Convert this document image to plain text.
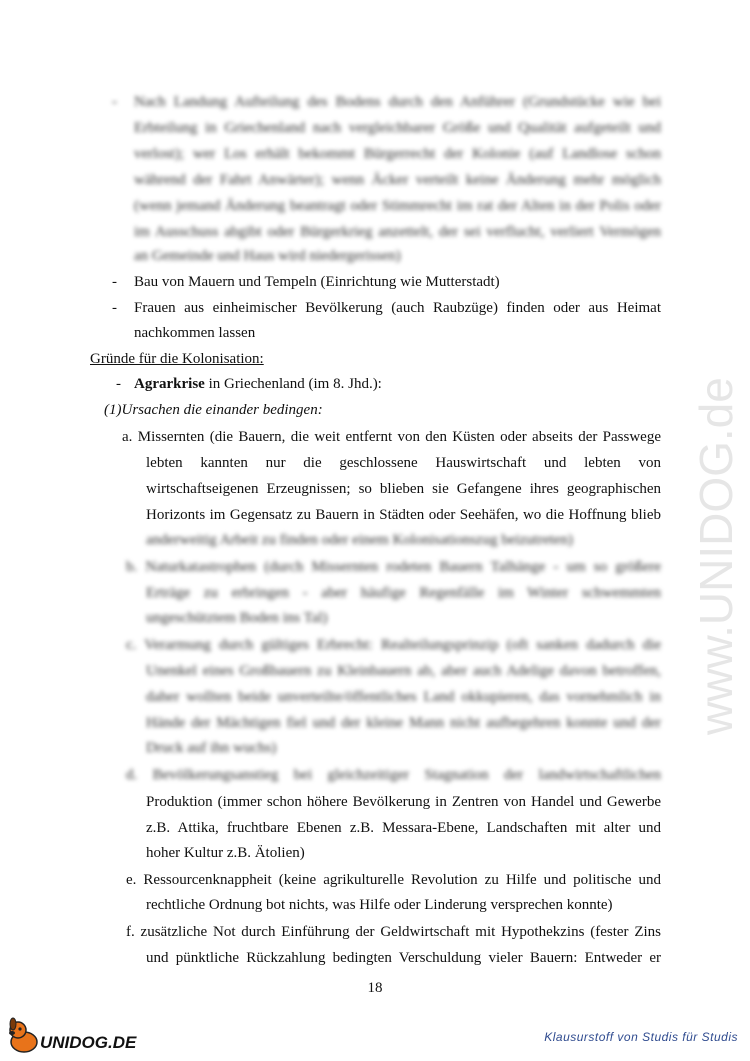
- Nach Landung Aufteilung des Bodens durch den Anführer (Grundstücke wie bei
Erbteilung in Griechenland nach vergleichbarer Größe und Qualität aufgeteilt und
verlost); wer Los erhält bekommt Bürgerrecht der Kolonie (auf Landlose schon
während der Fahrt Anwärter); wenn Äcker verteilt keine Änderung mehr möglich
(wenn jemand Änderung beantragt oder Stimmrecht im rat der Alten in der Polis oder
im Ausschuss abgibt oder Bürgerkrieg anzettelt, der sei verflucht, verliert Vermögen
an Gemeinde und Haus wird niedergerissen)
- Bau von Mauern und Tempeln (Einrichtung wie Mutterstadt)
- Frauen aus einheimischer Bevölkerung (auch Raubzüge) finden oder aus Heimat
nachkommen lassen
Gründe für die Kolonisation:
- Agrarkrise in Griechenland (im 8. Jhd.):
(1)Ursachen die einander bedingen:
a. Missernten (die Bauern, die weit entfernt von den Küsten oder abseits der Passwege
lebten kannten nur die geschlossene Hauswirtschaft und lebten von
wirtschaftseigenen Erzeugnissen; so blieben sie Gefangene ihres geographischen
Horizonts im Gegensatz zu Bauern in Städten oder Seehäfen, wo die Hoffnung blieb
anderweitig Arbeit zu finden oder einem Kolonisationszug beizutreten)
b. Naturkatastrophen (durch Missernten rodeten Bauern Talhänge - um so größere
Erträge zu erbringen - aber häufige Regenfälle im Winter schwemmten
ungeschütztem Boden ins Tal)
c. Verarmung durch gültiges Erbrecht: Realteilungsprinzip (oft sanken dadurch die
Unenkel eines Großbauern zu Kleinbauern ab, aber auch Adelige davon betroffen,
daher wollten beide unverteilte/öffentliches Land okkupieren, das vornehmlich in
Hände der Mächtigen fiel und der kleine Mann nicht aufbegehren konnte und der
Druck auf ihn wuchs)
d. Bevölkerungsanstieg bei gleichzeitiger Stagnation der landwirtschaftlichen
Produktion (immer schon höhere Bevölkerung in Zentren von Handel und Gewerbe
z.B. Attika, fruchtbare Ebenen z.B. Messara-Ebene, Landschaften mit alter und
hoher Kultur z.B. Ätolien)
e. Ressourcenknappheit (keine agrikulturelle Revolution zu Hilfe und politische und
rechtliche Ordnung bot nichts, was Hilfe oder Linderung versprechen konnte)
f. zusätzliche Not durch Einführung der Geldwirtschaft mit Hypothekzins (fester Zins
und pünktliche Rückzahlung bedingten Verschuldung vieler Bauern: Entweder er
www.UNIDOG.de
18
UNIDOG.DE	Klausurstoff von Studis für Studis
